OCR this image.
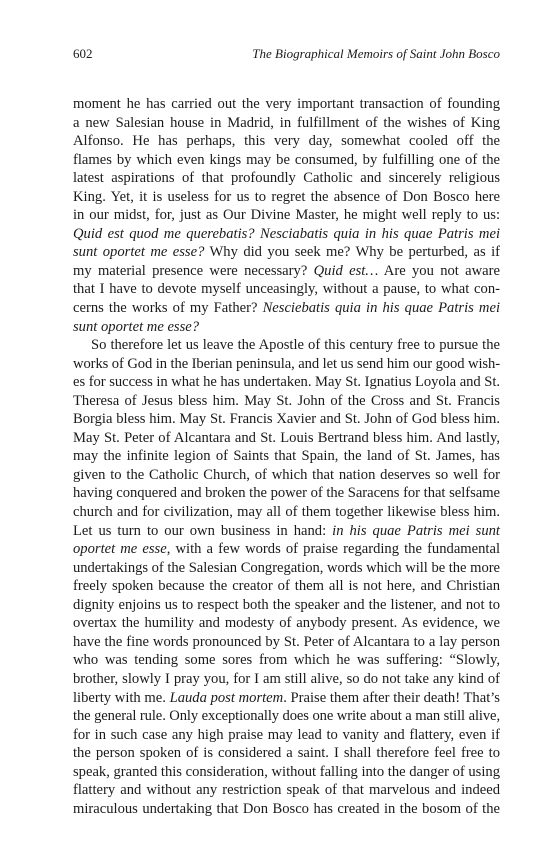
602	The Biographical Memoirs of Saint John Bosco
moment he has carried out the very important transaction of founding
a new Salesian house in Madrid, in fulfillment of the wishes of King
Alfonso. He has perhaps, this very day, somewhat cooled off the
flames by which even kings may be consumed, by fulfilling one of the
latest aspirations of that profoundly Catholic and sincerely religious
King. Yet, it is useless for us to regret the absence of Don Bosco here
in our midst, for, just as Our Divine Master, he might well reply to us:
Quid est quod me querebatis? Nesciabatis quia in his quae Patris mei
sunt oportet me esse? Why did you seek me? Why be perturbed, as if
my material presence were necessary? Quid est… Are you not aware
that I have to devote myself unceasingly, without a pause, to what con-
cerns the works of my Father? Nesciebatis quia in his quae Patris mei
sunt oportet me esse?
So therefore let us leave the Apostle of this century free to pursue the
works of God in the Iberian peninsula, and let us send him our good wish-
es for success in what he has undertaken. May St. Ignatius Loyola and St.
Theresa of Jesus bless him. May St. John of the Cross and St. Francis
Borgia bless him. May St. Francis Xavier and St. John of God bless him.
May St. Peter of Alcantara and St. Louis Bertrand bless him. And lastly,
may the infinite legion of Saints that Spain, the land of St. James, has
given to the Catholic Church, of which that nation deserves so well for
having conquered and broken the power of the Saracens for that selfsame
church and for civilization, may all of them together likewise bless him.
Let us turn to our own business in hand: in his quae Patris mei sunt
oportet me esse, with a few words of praise regarding the fundamental
undertakings of the Salesian Congregation, words which will be the more
freely spoken because the creator of them all is not here, and Christian
dignity enjoins us to respect both the speaker and the listener, and not to
overtax the humility and modesty of anybody present. As evidence, we
have the fine words pronounced by St. Peter of Alcantara to a lay person
who was tending some sores from which he was suffering: “Slowly,
brother, slowly I pray you, for I am still alive, so do not take any kind of
liberty with me. Lauda post mortem. Praise them after their death! That’s
the general rule. Only exceptionally does one write about a man still alive,
for in such case any high praise may lead to vanity and flattery, even if
the person spoken of is considered a saint. I shall therefore feel free to
speak, granted this consideration, without falling into the danger of using
flattery and without any restriction speak of that marvelous and indeed
miraculous undertaking that Don Bosco has created in the bosom of the
